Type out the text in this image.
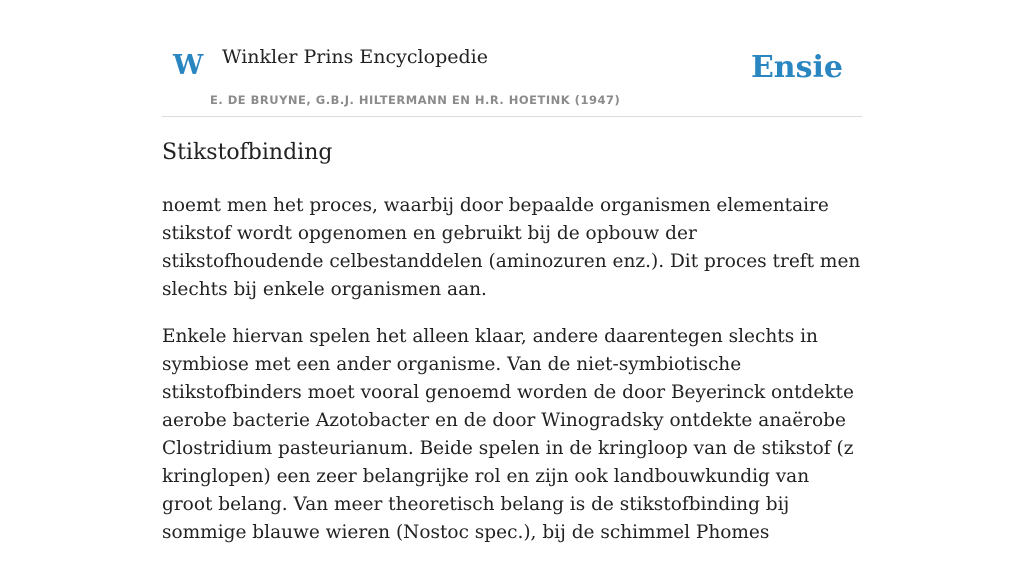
W Winkler Prins Encyclopedie
E. DE BRUYNE, G.B.J. HILTERMANN EN H.R. HOETINK (1947)
Ensie
Stikstofbinding

noemt men het proces, waarbij door bepaalde organismen elementaire stikstof wordt opgenomen en gebruikt bij de opbouw der stikstofhoudende celbestanddelen (aminozuren enz.). Dit proces treft men slechts bij enkele organismen aan.

Enkele hiervan spelen het alleen klaar, andere daarentegen slechts in symbiose met een ander organisme. Van de niet-symbiotische stikstofbinders moet vooral genoemd worden de door Beyerinck ontdekte aerobe bacterie Azotobacter en de door Winogradsky ontdekte anaërobe Clostridium pasteurianum. Beide spelen in de kringloop van de stikstof (z kringlopen) een zeer belangrijke rol en zijn ook landbouwkundig van groot belang. Van meer theoretisch belang is de stikstofbinding bij sommige blauwe wieren (Nostoc spec.), bij de schimmel Phomes
